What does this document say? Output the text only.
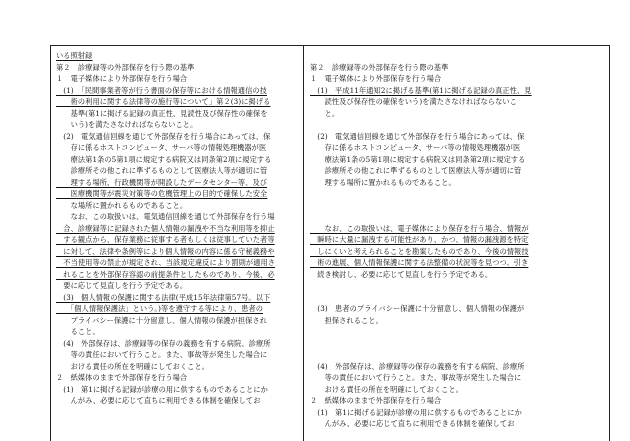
いる照射録
第２　診療録等の外部保存を行う際の基準
１　電子媒体により外部保存を行う場合
　(1)　「民間事業者等が行う書面の保存等における情報通信の技
　　術の利用に関する法律等の施行等について」第２(3)に掲げる
　　基準(第1に掲げる記録の真正性、見読性及び保存性の確保を
　　いう)を満たさなければならないこと。
　(2)　電気通信回線を通じて外部保存を行う場合にあっては、保
　　存に係るホストコンピュータ、サーバ等の情報処理機器が医
　　療法第1条の5第1項に規定する病院又は同条第2項に規定する
　　診療所その他これに準ずるものとして医療法人等が適切に管
　　理する場所、行政機関等が開設したデータセンター等、及び
　　医療機関等が震災対策等の危機管理上の目的で確保した安全
　　な場所に置かれるものであること。
　　なお、この取扱いは、電気通信回線を通じて外部保存を行う場
　合、診療録等に記録された個人情報の漏洩や不当な利用等を抑止
　する観点から、保存業務に従事する者もしくは従事していた者等
　に対して、法律や条例等により個人情報の内容に係る守秘義務や
　不当使用等の禁止が規定され、当該規定違反により罰則が適用さ
　れることを外部保存容認の前提条件としたものであり、今後、必
　要に応じて見直しを行う予定である。
　(3)　個人情報の保護に関する法律(平成15年法律第57号。以下
　　「個人情報保護法」という。)等を遵守する等により、患者の
　　プライバシー保護に十分留意し、個人情報の保護が担保され
　　ること。
　(4)　外部保存は、診療録等の保存の義務を有する病院、診療所
　　等の責任において行うこと。また、事故等が発生した場合に
　　おける責任の所在を明確にしておくこと。
２　紙媒体のままで外部保存を行う場合
　(1)　第1に掲げる記録が診療の用に供するものであることにか
　　んがみ、必要に応じて直ちに利用できる体制を確保してお
第２　診療録等の外部保存を行う際の基準
１　電子媒体により外部保存を行う場合
　(1)　平成11年通知2に掲げる基準(第1に掲げる記録の真正性、見
　　読性及び保存性の確保をいう)を満たさなければならないこ
　　と。
　(2)　電気通信回線を通じて外部保存を行う場合にあっては、保
　　存に係るホストコンピュータ、サーバ等の情報処理機器が医
　　療法第1条の5第1項に規定する病院又は同条第2項に規定する
　　診療所その他これに準ずるものとして医療法人等が適切に管
　　理する場所に置かれるものであること。
　　なお、この取扱いは、電子媒体により保存を行う場合、情報が
　瞬時に大量に漏洩する可能性があり、かつ、情報の漏洩源を特定
　しにくいと考えられることを勘案したものであり、今後の情報技
　術の進展、個人情報保護に関する法整備の状況等を見つつ、引き
　続き検討し、必要に応じて見直しを行う予定である。
　(3)　患者のプライバシー保護に十分留意し、個人情報の保護が
　　担保されること。
　(4)　外部保存は、診療録等の保存の義務を有する病院、診療所
　　等の責任において行うこと。また、事故等が発生した場合に
　　おける責任の所在を明確にしておくこと。
２　紙媒体のままで外部保存を行う場合
　(1)　第1に掲げる記録が診療の用に供するものであることにか
　　んがみ、必要に応じて直ちに利用できる体制を確保してお
